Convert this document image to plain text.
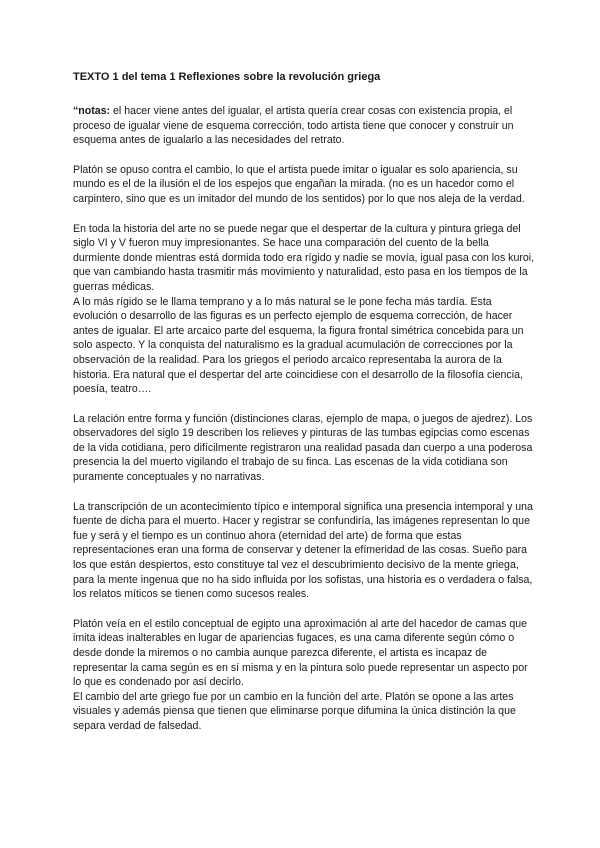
TEXTO 1 del tema 1 Reflexiones sobre la revolución griega

“notas: el hacer viene antes del igualar, el artista quería crear cosas con existencia propia, el proceso de igualar viene de esquema corrección, todo artista tiene que conocer y construir un esquema antes de igualarlo a las necesidades del retrato.

Platón se opuso contra el cambio, lo que el artista puede imitar o igualar es solo apariencia, su mundo es el de la ilusión el de los espejos que engañan la mirada. (no es un hacedor como el carpintero, sino que es un imitador del mundo de los sentidos) por lo que nos aleja de la verdad.

En toda la historia del arte no se puede negar que el despertar de la cultura y pintura griega del siglo VI y V fueron muy impresionantes. Se hace una comparación del cuento de la bella durmiente donde mientras está dormida todo era rígido y nadie se movía, igual pasa con los kuroi, que van cambiando hasta trasmitir más movimiento y naturalidad, esto pasa en los tiempos de la guerras médicas.

A lo más rígido se le llama temprano y a lo más natural se le pone fecha más tardía. Esta evolución o desarrollo de las figuras es un perfecto ejemplo de esquema corrección, de hacer antes de igualar. El arte arcaico parte del esquema, la figura frontal simétrica concebida para un solo aspecto. Y la conquista del naturalismo es la gradual acumulación de correcciones por la observación de la realidad. Para los griegos el periodo arcaico representaba la aurora de la historia. Era natural que el despertar del arte coincidiese con el desarrollo de la filosofía ciencia, poesía, teatro….

La relación entre forma y función (distinciones claras, ejemplo de mapa, o juegos de ajedrez). Los observadores del siglo 19 describen los relieves y pinturas de las tumbas egipcias como escenas de la vida cotidiana, pero difícilmente registraron una realidad pasada dan cuerpo a una poderosa presencia la del muerto vigilando el trabajo de su finca. Las escenas de la vida cotidiana son puramente conceptuales y no narrativas.

La transcripción de un acontecimiento típico e intemporal significa una presencia intemporal y una fuente de dicha para el muerto. Hacer y registrar se confundiría, las imágenes representan lo que fue y será y el tiempo es un continuo ahora (eternidad del arte) de forma que estas representaciones eran una forma de conservar y detener la efímeridad de las cosas. Sueño para los que están despiertos, esto constituye tal vez el descubrimiento decisivo de la mente griega, para la mente ingenua que no ha sido influida por los sofistas, una historia es o verdadera o falsa, los relatos míticos se tienen como sucesos reales.

Platón veía en el estilo conceptual de egipto una aproximación al arte del hacedor de camas que imita ideas inalterables en lugar de apariencias fugaces, es una cama diferente según cómo o desde donde la miremos o no cambia aunque parezca diferente, el artista es incapaz de representar la cama según es en sí misma y en la pintura solo puede representar un aspecto por lo que es condenado por así decirlo.

El cambio del arte griego fue por un cambio en la función del arte. Platón se opone a las artes visuales y además piensa que tienen que eliminarse porque difumina la única distinción la que separa verdad de falsedad.
